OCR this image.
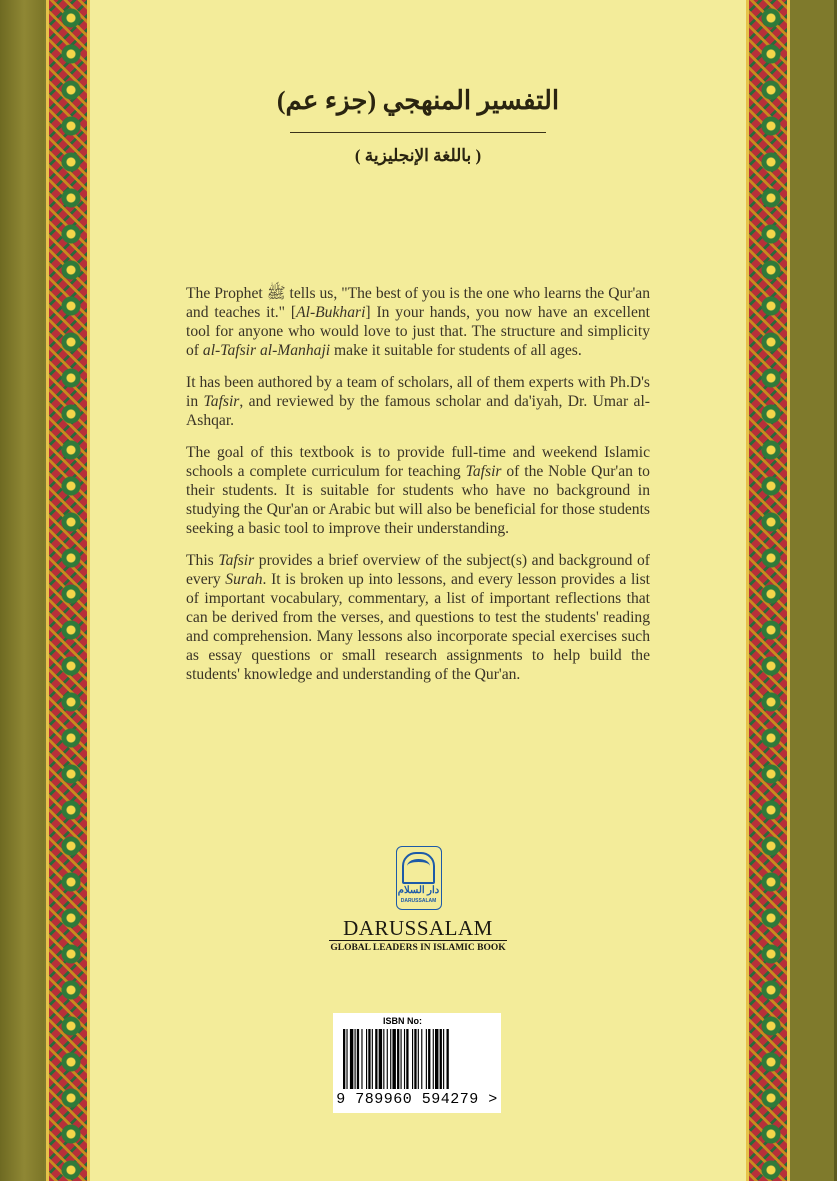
التفسير المنهجي (جزء عم)
( باللغة الإنجليزية )

The Prophet ﷺ tells us, "The best of you is the one who learns the Qur'an and teaches it." [Al-Bukhari] In your hands, you now have an excellent tool for anyone who would love to just that. The structure and simplicity of al-Tafsir al-Manhaji make it suitable for students of all ages.

It has been authored by a team of scholars, all of them experts with Ph.D's in Tafsir, and reviewed by the famous scholar and da'iyah, Dr. Umar al-Ashqar.

The goal of this textbook is to provide full-time and weekend Islamic schools a complete curriculum for teaching Tafsir of the Noble Qur'an to their students. It is suitable for students who have no background in studying the Qur'an or Arabic but will also be beneficial for those students seeking a basic tool to improve their understanding.

This Tafsir provides a brief overview of the subject(s) and background of every Surah. It is broken up into lessons, and every lesson provides a list of important vocabulary, commentary, a list of important reflections that can be derived from the verses, and questions to test the students' reading and comprehension. Many lessons also incorporate special exercises such as essay questions or small research assignments to help build the students' knowledge and understanding of the Qur'an.

دار السلام
DARUSSALAM
DARUSSALAM
GLOBAL LEADERS IN ISLAMIC BOOK
ISBN No:
9 789960 594279 >
